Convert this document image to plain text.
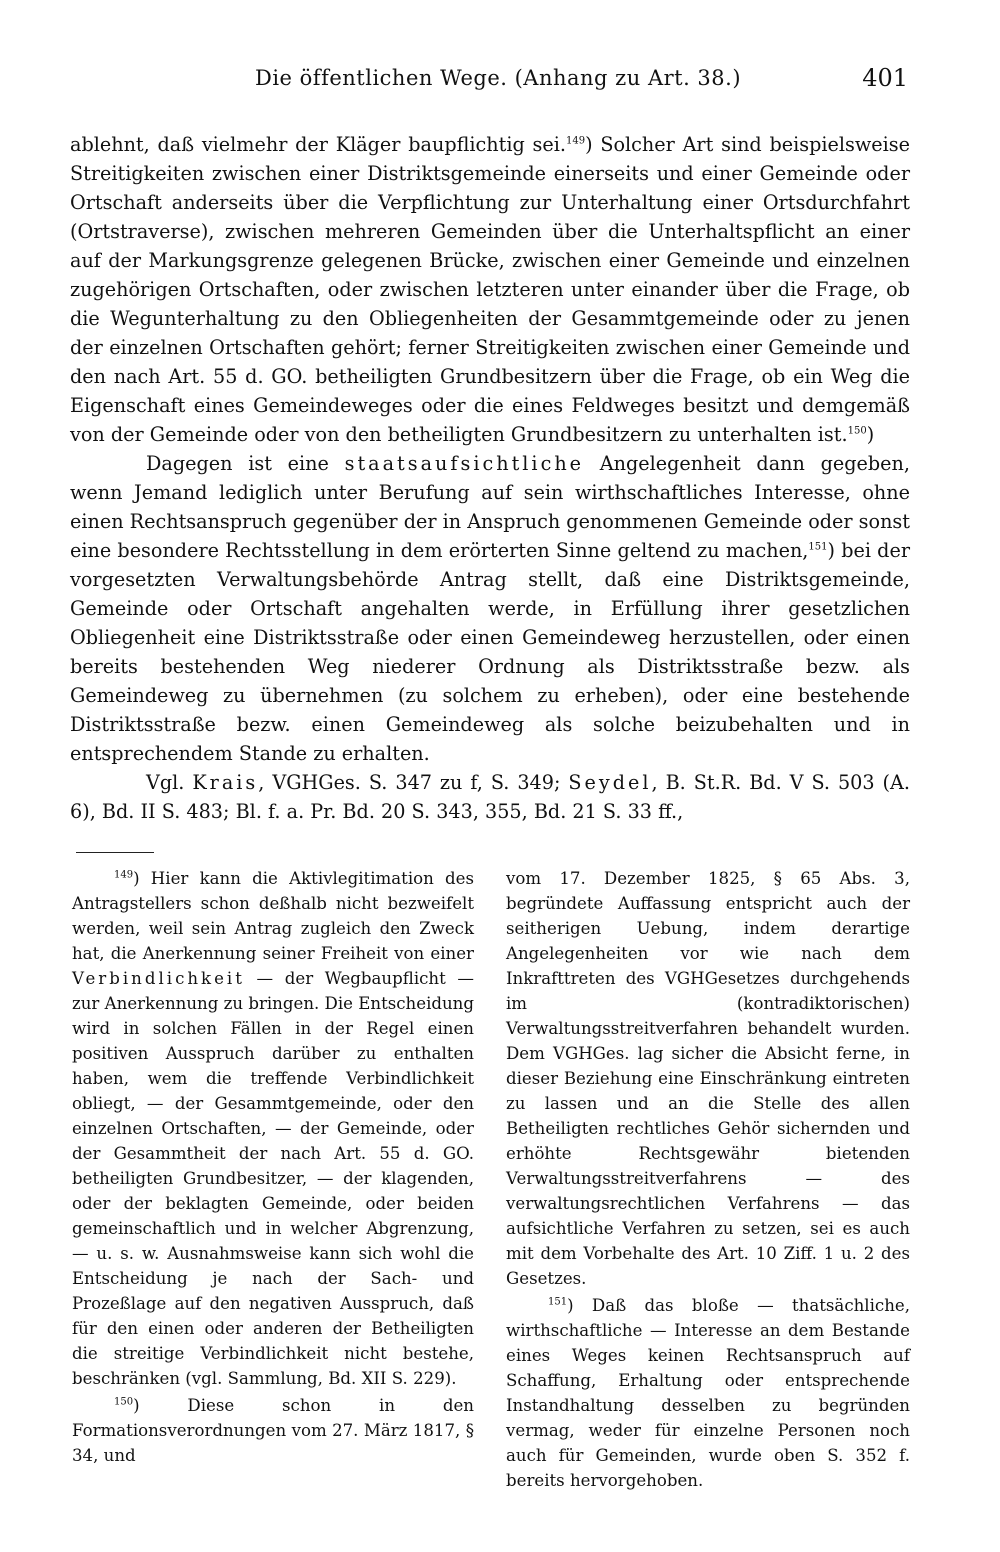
Die öffentlichen Wege. (Anhang zu Art. 38.)	401

ablehnt, daß vielmehr der Kläger baupflichtig sei.$^{149}$) Solcher Art sind beispielsweise Streitigkeiten zwischen einer Distriktsgemeinde einerseits und einer Gemeinde oder Ortschaft anderseits über die Verpflichtung zur Unterhaltung einer Ortsdurchfahrt (Ortstraverse), zwischen mehreren Gemeinden über die Unterhaltspflicht an einer auf der Markungsgrenze gelegenen Brücke, zwischen einer Gemeinde und einzelnen zugehörigen Ortschaften, oder zwischen letzteren unter einander über die Frage, ob die Wegunterhaltung zu den Obliegenheiten der Gesammtgemeinde oder zu jenen der einzelnen Ortschaften gehört; ferner Streitigkeiten zwischen einer Gemeinde und den nach Art. 55 d. GO. betheiligten Grundbesitzern über die Frage, ob ein Weg die Eigenschaft eines Gemeindeweges oder die eines Feldweges besitzt und demgemäß von der Gemeinde oder von den betheiligten Grundbesitzern zu unterhalten ist.$^{150}$)

Dagegen ist eine staatsaufsichtliche Angelegenheit dann gegeben, wenn Jemand lediglich unter Berufung auf sein wirthschaftliches Interesse, ohne einen Rechtsanspruch gegenüber der in Anspruch genommenen Gemeinde oder sonst eine besondere Rechtsstellung in dem erörterten Sinne geltend zu machen,$^{151}$) bei der vorgesetzten Verwaltungsbehörde Antrag stellt, daß eine Distriktsgemeinde, Gemeinde oder Ortschaft angehalten werde, in Erfüllung ihrer gesetzlichen Obliegenheit eine Distriktsstraße oder einen Gemeindeweg herzustellen, oder einen bereits bestehenden Weg niederer Ordnung als Distriktsstraße bezw. als Gemeindeweg zu übernehmen (zu solchem zu erheben), oder eine bestehende Distriktsstraße bezw. einen Gemeindeweg als solche beizubehalten und in entsprechendem Stande zu erhalten.

Vgl. Krais, VGHGes. S. 347 zu f, S. 349; Seydel, B. St.R. Bd. V S. 503 (A. 6), Bd. II S. 483; Bl. f. a. Pr. Bd. 20 S. 343, 355, Bd. 21 S. 33 ff.,

$^{149}$) Hier kann die Aktivlegitimation des Antragstellers schon deßhalb nicht bezweifelt werden, weil sein Antrag zugleich den Zweck hat, die Anerkennung seiner Freiheit von einer Verbindlichkeit — der Wegbaupflicht — zur Anerkennung zu bringen. Die Entscheidung wird in solchen Fällen in der Regel einen positiven Ausspruch darüber zu enthalten haben, wem die treffende Verbindlichkeit obliegt, — der Gesammtgemeinde, oder den einzelnen Ortschaften, — der Gemeinde, oder der Gesammtheit der nach Art. 55 d. GO. betheiligten Grundbesitzer, — der klagenden, oder der beklagten Gemeinde, oder beiden gemeinschaftlich und in welcher Abgrenzung, — u. s. w. Ausnahmsweise kann sich wohl die Entscheidung je nach der Sach- und Prozeßlage auf den negativen Ausspruch, daß für den einen oder anderen der Betheiligten die streitige Verbindlichkeit nicht bestehe, beschränken (vgl. Sammlung, Bd. XII S. 229).

$^{150}$) Diese schon in den Formationsverordnungen vom 27. März 1817, § 34, und

vom 17. Dezember 1825, § 65 Abs. 3, begründete Auffassung entspricht auch der seitherigen Uebung, indem derartige Angelegenheiten vor wie nach dem Inkrafttreten des VGHGesetzes durchgehends im (kontradiktorischen) Verwaltungsstreitverfahren behandelt wurden. Dem VGHGes. lag sicher die Absicht ferne, in dieser Beziehung eine Einschränkung eintreten zu lassen und an die Stelle des allen Betheiligten rechtliches Gehör sichernden und erhöhte Rechtsgewähr bietenden Verwaltungsstreitverfahrens — des verwaltungsrechtlichen Verfahrens — das aufsichtliche Verfahren zu setzen, sei es auch mit dem Vorbehalte des Art. 10 Ziff. 1 u. 2 des Gesetzes.

$^{151}$) Daß das bloße — thatsächliche, wirthschaftliche — Interesse an dem Bestande eines Weges keinen Rechtsanspruch auf Schaffung, Erhaltung oder entsprechende Instandhaltung desselben zu begründen vermag, weder für einzelne Personen noch auch für Gemeinden, wurde oben S. 352 f. bereits hervorgehoben.
